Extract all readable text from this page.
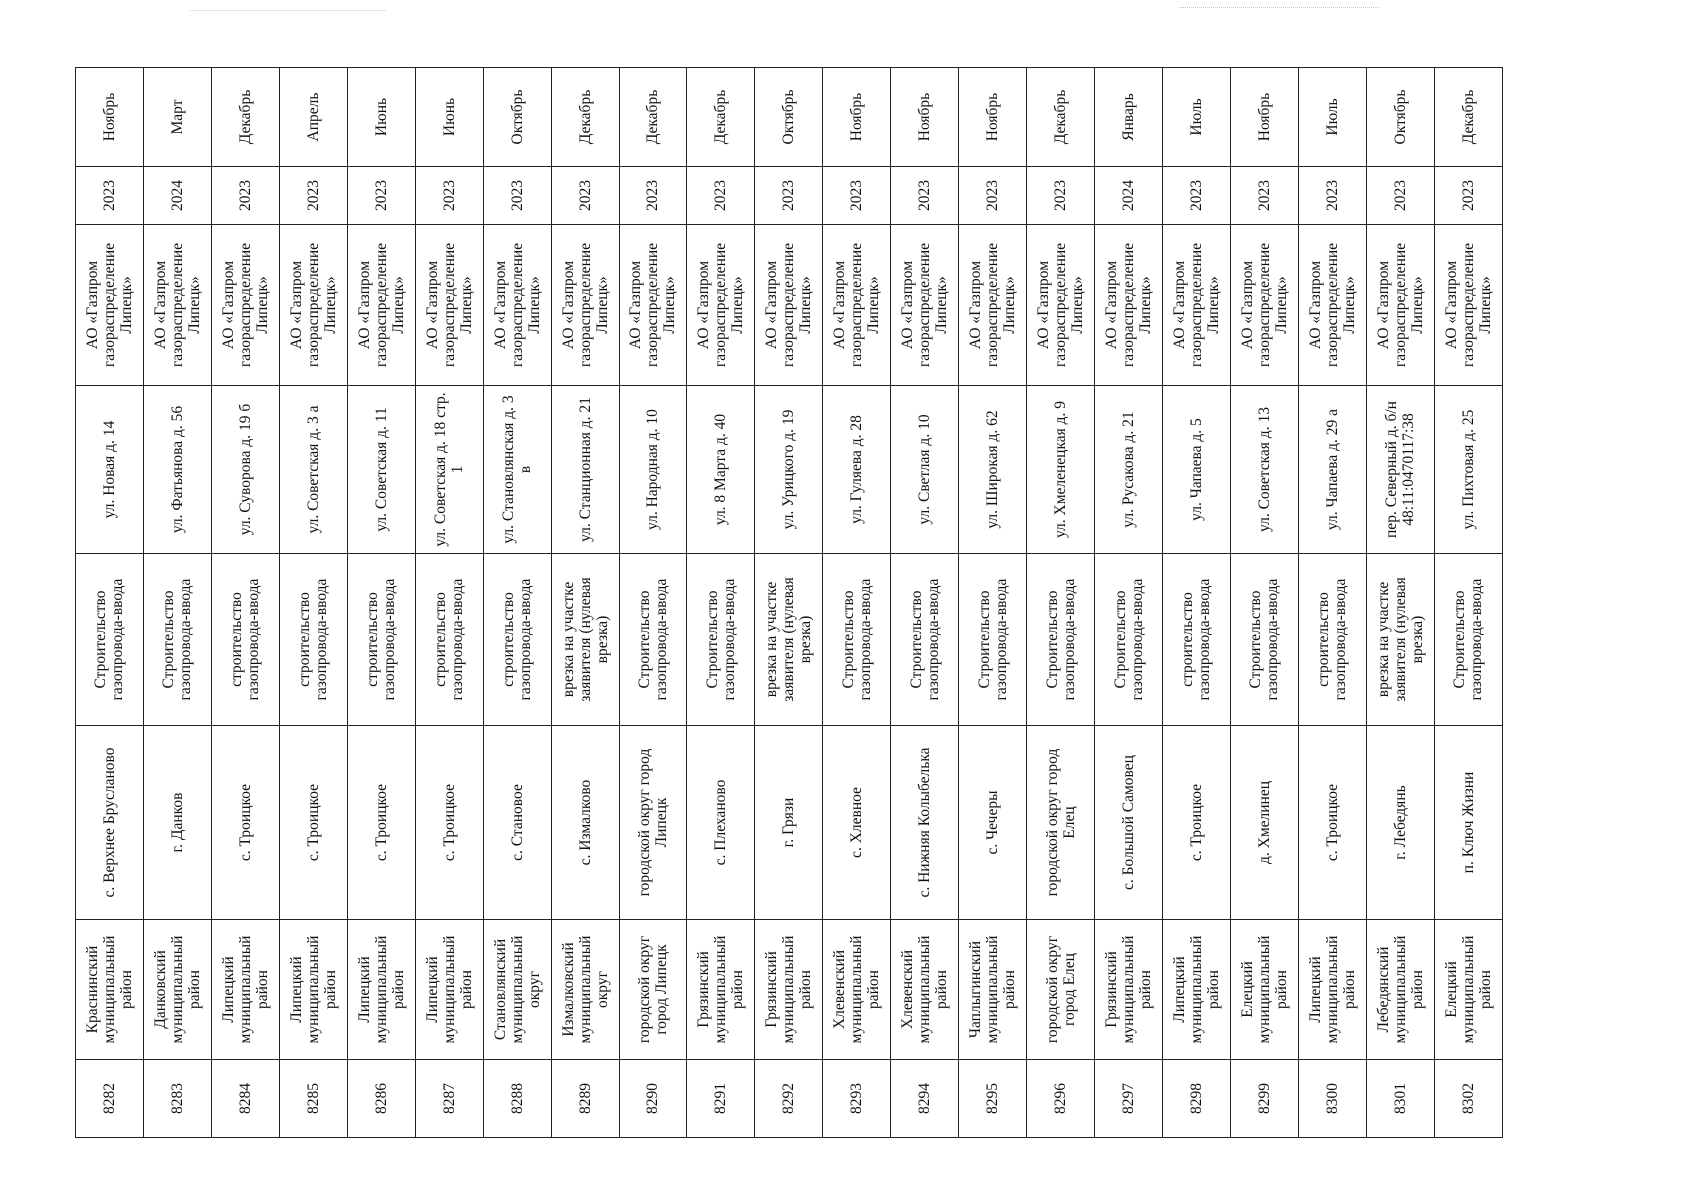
8282	Краснинский муниципальный район	с. Верхнее Брусланово	Строительство газопровода-ввода	ул. Новая д. 14	АО «Газпром газораспределение Липецк»	2023	Ноябрь
8283	Данковский муниципальный район	г. Данков	Строительство газопровода-ввода	ул. Фатьянова д. 56	АО «Газпром газораспределение Липецк»	2024	Март
8284	Липецкий муниципальный район	с. Троицкое	строительство газопровода-ввода	ул. Суворова д. 19 б	АО «Газпром газораспределение Липецк»	2023	Декабрь
8285	Липецкий муниципальный район	с. Троицкое	строительство газопровода-ввода	ул. Советская д. 3 а	АО «Газпром газораспределение Липецк»	2023	Апрель
8286	Липецкий муниципальный район	с. Троицкое	строительство газопровода-ввода	ул. Советская д. 11	АО «Газпром газораспределение Липецк»	2023	Июнь
8287	Липецкий муниципальный район	с. Троицкое	строительство газопровода-ввода	ул. Советская д. 18 стр. 1	АО «Газпром газораспределение Липецк»	2023	Июнь
8288	Становлянский муниципальный округ	с. Становое	строительство газопровода-ввода	ул. Становлянская д. 3 в	АО «Газпром газораспределение Липецк»	2023	Октябрь
8289	Измалковский муниципальный округ	с. Измалково	врезка на участке заявителя (нулевая врезка)	ул. Станционная д. 21	АО «Газпром газораспределение Липецк»	2023	Декабрь
8290	городской округ город Липецк	городской округ город Липецк	Строительство газопровода-ввода	ул. Народная д. 10	АО «Газпром газораспределение Липецк»	2023	Декабрь
8291	Грязинский муниципальный район	с. Плеханово	Строительство газопровода-ввода	ул. 8 Марта д. 40	АО «Газпром газораспределение Липецк»	2023	Декабрь
8292	Грязинский муниципальный район	г. Грязи	врезка на участке заявителя (нулевая врезка)	ул. Урицкого д. 19	АО «Газпром газораспределение Липецк»	2023	Октябрь
8293	Хлевенский муниципальный район	с. Хлевное	Строительство газопровода-ввода	ул. Гуляева д. 28	АО «Газпром газораспределение Липецк»	2023	Ноябрь
8294	Хлевенский муниципальный район	с. Нижняя Колыбелька	Строительство газопровода-ввода	ул. Светлая д. 10	АО «Газпром газораспределение Липецк»	2023	Ноябрь
8295	Чаплыгинский муниципальный район	с. Чечеры	Строительство газопровода-ввода	ул. Широкая д. 62	АО «Газпром газораспределение Липецк»	2023	Ноябрь
8296	городской округ город Елец	городской округ город Елец	Строительство газопровода-ввода	ул. Хмеленецкая д. 9	АО «Газпром газораспределение Липецк»	2023	Декабрь
8297	Грязинский муниципальный район	с. Большой Самовец	Строительство газопровода-ввода	ул. Русакова д. 21	АО «Газпром газораспределение Липецк»	2024	Январь
8298	Липецкий муниципальный район	с. Троицкое	строительство газопровода-ввода	ул. Чапаева д. 5	АО «Газпром газораспределение Липецк»	2023	Июль
8299	Елецкий муниципальный район	д. Хмелинец	Строительство газопровода-ввода	ул. Советская д. 13	АО «Газпром газораспределение Липецк»	2023	Ноябрь
8300	Липецкий муниципальный район	с. Троицкое	строительство газопровода-ввода	ул. Чапаева д. 29 а	АО «Газпром газораспределение Липецк»	2023	Июль
8301	Лебедянский муниципальный район	г. Лебедянь	врезка на участке заявителя (нулевая врезка)	пер. Северный д. б/н 48:11:0470117:38	АО «Газпром газораспределение Липецк»	2023	Октябрь
8302	Елецкий муниципальный район	п. Ключ Жизни	Строительство газопровода-ввода	ул. Пихтовая д. 25	АО «Газпром газораспределение Липецк»	2023	Декабрь
